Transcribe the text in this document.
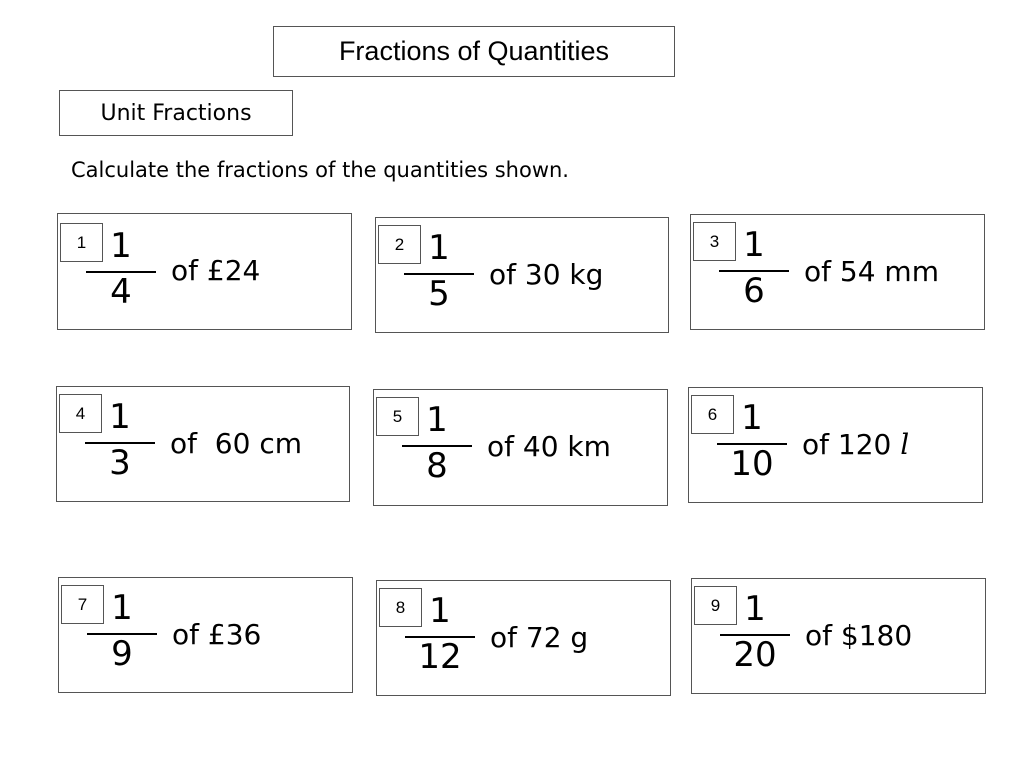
Fractions of Quantities
Unit Fractions
Calculate the fractions of the quantities shown.
1 1
4
of £24
2 1
5	of 30 kg
3 1
6	of 54 mm
4 1
3	of  60 cm
5 1
8	of 40 km
6 1
10	of 120 l
7 1
9	of £36
8 1
12	of 72 g
9 1
20	of $180
